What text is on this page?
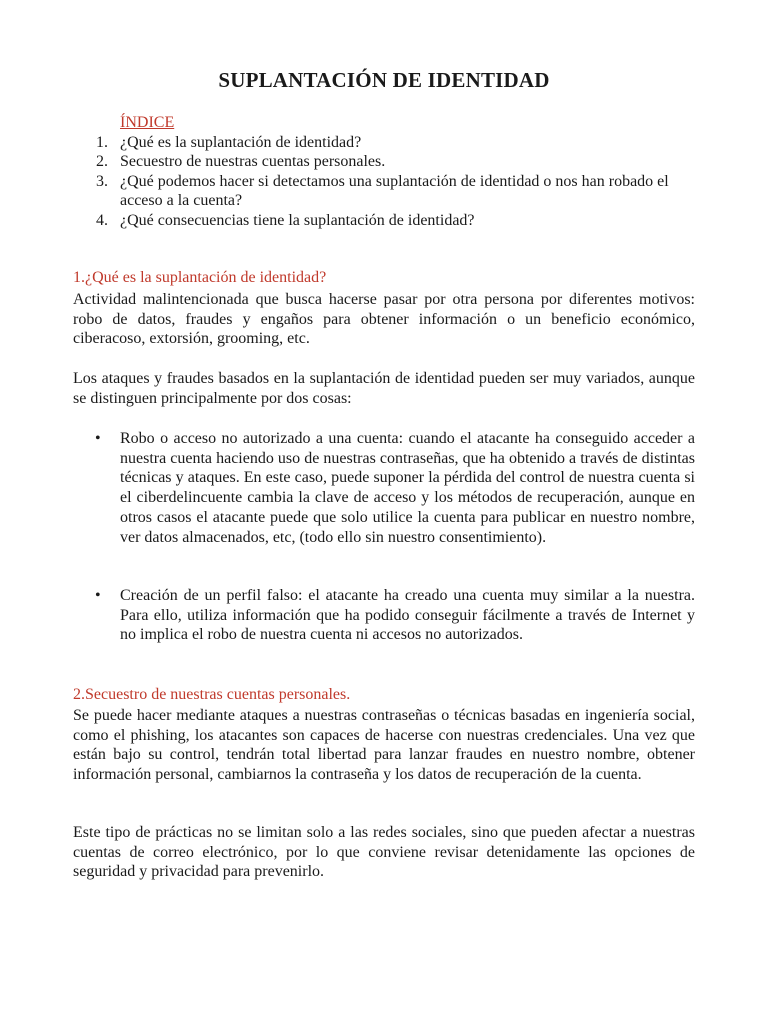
SUPLANTACIÓN DE IDENTIDAD
ÍNDICE
1. ¿Qué es la suplantación de identidad?
2. Secuestro de nuestras cuentas personales.
3. ¿Qué podemos hacer si detectamos una suplantación de identidad o nos han robado el acceso a la cuenta?
4. ¿Qué consecuencias tiene la suplantación de identidad?
1.¿Qué es la suplantación de identidad?

Actividad malintencionada que busca hacerse pasar por otra persona por diferentes motivos: robo de datos, fraudes y engaños para obtener información o un beneficio económico, ciberacoso, extorsión, grooming, etc.

Los ataques y fraudes basados en la suplantación de identidad pueden ser muy variados, aunque se distinguen principalmente por dos cosas:

• Robo o acceso no autorizado a una cuenta: cuando el atacante ha conseguido acceder a nuestra cuenta haciendo uso de nuestras contraseñas, que ha obtenido a través de distintas técnicas y ataques. En este caso, puede suponer la pérdida del control de nuestra cuenta si el ciberdelincuente cambia la clave de acceso y los métodos de recuperación, aunque en otros casos el atacante puede que solo utilice la cuenta para publicar en nuestro nombre, ver datos almacenados, etc, (todo ello sin nuestro consentimiento).
• Creación de un perfil falso: el atacante ha creado una cuenta muy similar a la nuestra. Para ello, utiliza información que ha podido conseguir fácilmente a través de Internet y no implica el robo de nuestra cuenta ni accesos no autorizados.
2.Secuestro de nuestras cuentas personales.

Se puede hacer mediante ataques a nuestras contraseñas o técnicas basadas en ingeniería social, como el phishing, los atacantes son capaces de hacerse con nuestras credenciales. Una vez que están bajo su control, tendrán total libertad para lanzar fraudes en nuestro nombre, obtener información personal, cambiarnos la contraseña y los datos de recuperación de la cuenta.

Este tipo de prácticas no se limitan solo a las redes sociales, sino que pueden afectar a nuestras cuentas de correo electrónico, por lo que conviene revisar detenidamente las opciones de seguridad y privacidad para prevenirlo.
